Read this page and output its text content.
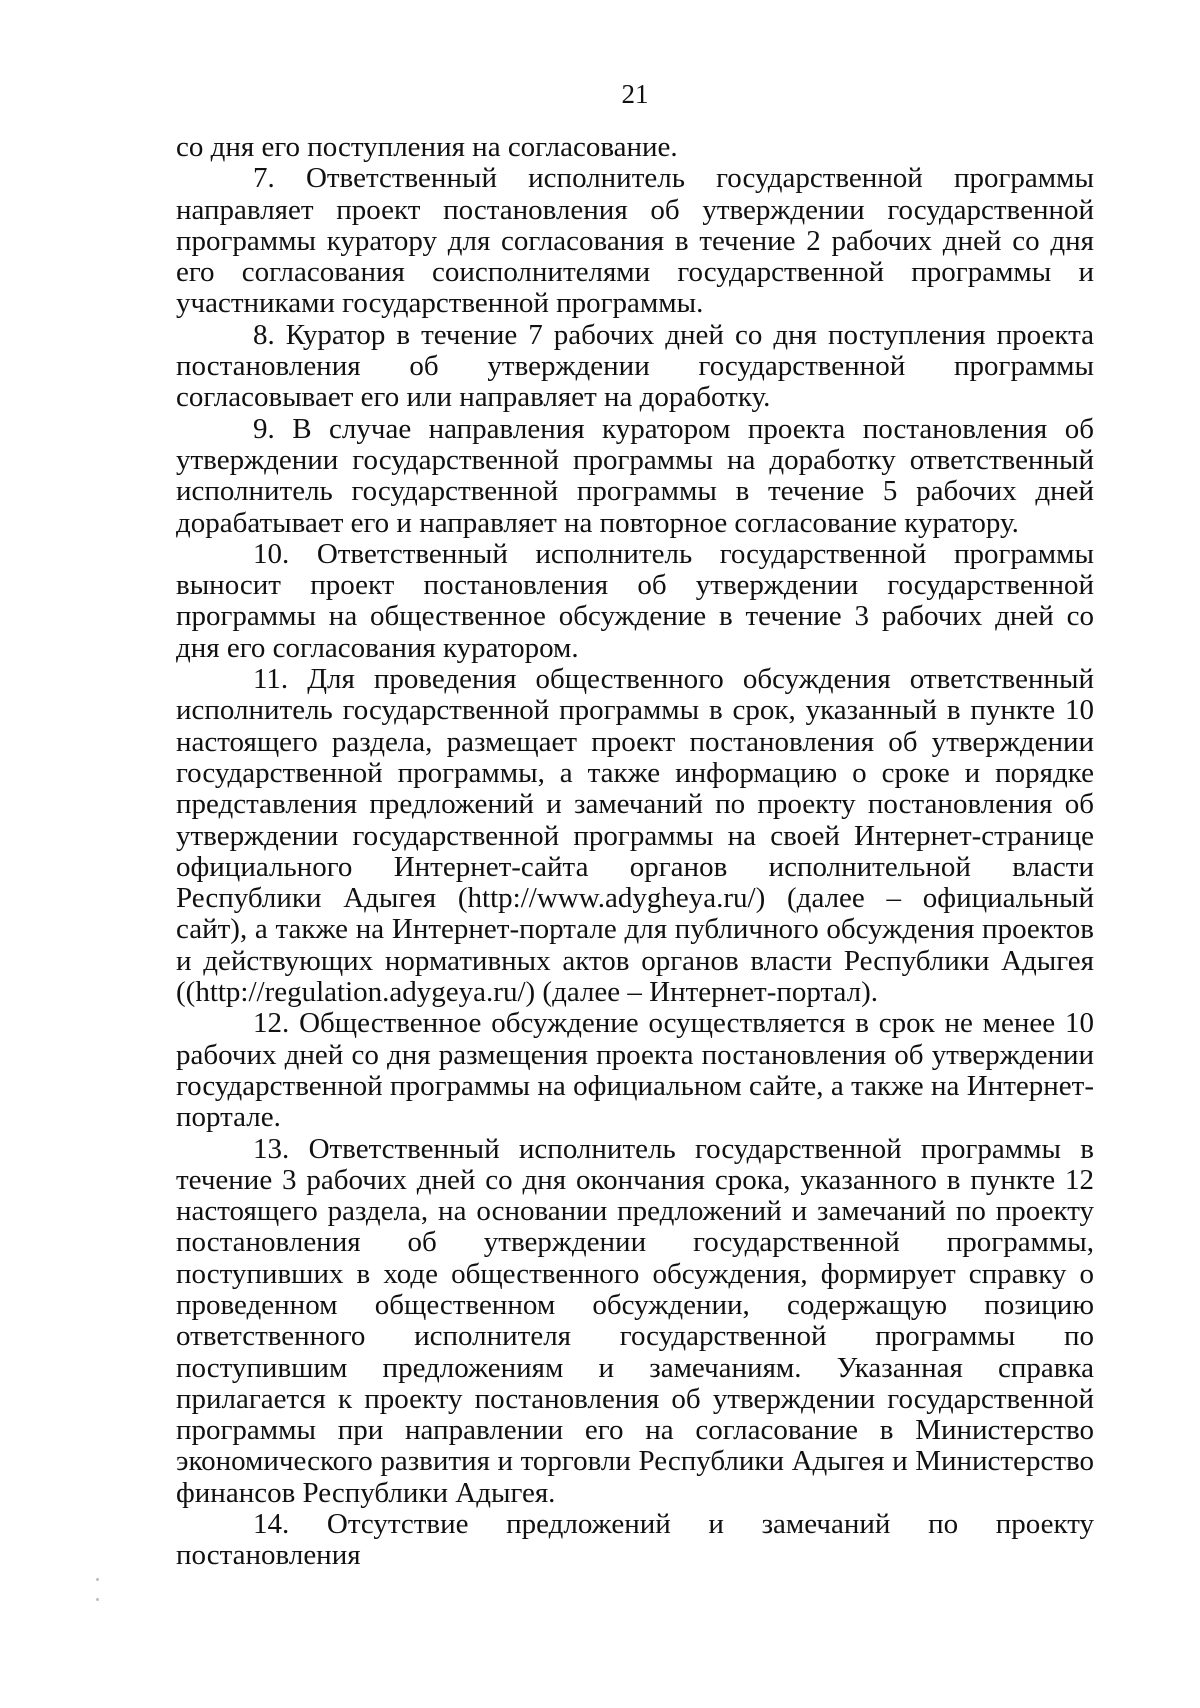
21

со дня его поступления на согласование.

7. Ответственный исполнитель государственной программы направляет проект постановления об утверждении государственной программы куратору для согласования в течение 2 рабочих дней со дня его согласования соисполнителями государственной программы и участниками государственной программы.

8. Куратор в течение 7 рабочих дней со дня поступления проекта постановления об утверждении государственной программы согласовывает его или направляет на доработку.

9. В случае направления куратором проекта постановления об утверждении государственной программы на доработку ответственный исполнитель государственной программы в течение 5 рабочих дней дорабатывает его и направляет на повторное согласование куратору.

10. Ответственный исполнитель государственной программы выносит проект постановления об утверждении государственной программы на общественное обсуждение в течение 3 рабочих дней со дня его согласования куратором.

11. Для проведения общественного обсуждения ответственный исполнитель государственной программы в срок, указанный в пункте 10 настоящего раздела, размещает проект постановления об утверждении государственной программы, а также информацию о сроке и порядке представления предложений и замечаний по проекту постановления об утверждении государственной программы на своей Интернет-странице официального Интернет-сайта органов исполнительной власти Республики Адыгея (http://www.adygheya.ru/) (далее – официальный сайт), а также на Интернет-портале для публичного обсуждения проектов и действующих нормативных актов органов власти Республики Адыгея ((http://regulation.adygeya.ru/) (далее – Интернет-портал).

12. Общественное обсуждение осуществляется в срок не менее 10 рабочих дней со дня размещения проекта постановления об утверждении государственной программы на официальном сайте, а также на Интернет-портале.

13. Ответственный исполнитель государственной программы в течение 3 рабочих дней со дня окончания срока, указанного в пункте 12 настоящего раздела, на основании предложений и замечаний по проекту постановления об утверждении государственной программы, поступивших в ходе общественного обсуждения, формирует справку о проведенном общественном обсуждении, содержащую позицию ответственного исполнителя государственной программы по поступившим предложениям и замечаниям. Указанная справка прилагается к проекту постановления об утверждении государственной программы при направлении его на согласование в Министерство экономического развития и торговли Республики Адыгея и Министерство финансов Республики Адыгея.

14. Отсутствие предложений и замечаний по проекту постановления
